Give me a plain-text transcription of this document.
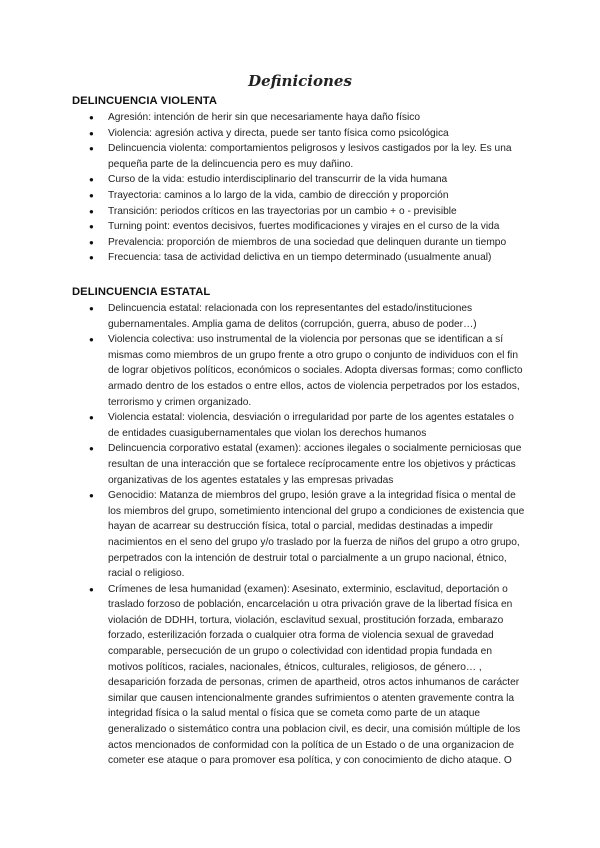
Definiciones
DELINCUENCIA VIOLENTA
● Agresión: intención de herir sin que necesariamente haya daño físico
● Violencia: agresión activa y directa, puede ser tanto física como psicológica
● Delincuencia violenta: comportamientos peligrosos y lesivos castigados por la ley. Es una pequeña parte de la delincuencia pero es muy dañino.
● Curso de la vida: estudio interdisciplinario del transcurrir de la vida humana
● Trayectoria: caminos a lo largo de la vida, cambio de dirección y proporción
● Transición: periodos críticos en las trayectorias por un cambio + o - previsible
● Turning point: eventos decisivos, fuertes modificaciones y virajes en el curso de la vida
● Prevalencia: proporción de miembros de una sociedad que delinquen durante un tiempo
● Frecuencia: tasa de actividad delictiva en un tiempo determinado (usualmente anual)
DELINCUENCIA ESTATAL
● Delincuencia estatal: relacionada con los representantes del estado/instituciones gubernamentales. Amplia gama de delitos (corrupción, guerra, abuso de poder…)
● Violencia colectiva: uso instrumental de la violencia por personas que se identifican a sí mismas como miembros de un grupo frente a otro grupo o conjunto de individuos con el fin de lograr objetivos políticos, económicos o sociales. Adopta diversas formas; como conflicto armado dentro de los estados o entre ellos, actos de violencia perpetrados por los estados, terrorismo y crimen organizado.
● Violencia estatal: violencia, desviación o irregularidad por parte de los agentes estatales o de entidades cuasigubernamentales que violan los derechos humanos
● Delincuencia corporativo estatal (examen): acciones ilegales o socialmente perniciosas que resultan de una interacción que se fortalece recíprocamente entre los objetivos y prácticas organizativas de los agentes estatales y las empresas privadas
● Genocidio: Matanza de miembros del grupo, lesión grave a la integridad física o mental de los miembros del grupo, sometimiento intencional del grupo a condiciones de existencia que hayan de acarrear su destrucción física, total o parcial, medidas destinadas a impedir nacimientos en el seno del grupo y/o traslado por la fuerza de niños del grupo a otro grupo, perpetrados con la intención de destruir total o parcialmente a un grupo nacional, étnico, racial o religioso.
● Crímenes de lesa humanidad (examen): Asesinato, exterminio, esclavitud, deportación o traslado forzoso de población, encarcelación u otra privación grave de la libertad física en violación de DDHH, tortura, violación, esclavitud sexual, prostitución forzada, embarazo forzado, esterilización forzada o cualquier otra forma de violencia sexual de gravedad comparable, persecución de un grupo o colectividad con identidad propia fundada en motivos políticos, raciales, nacionales, étnicos, culturales, religiosos, de género… , desaparición forzada de personas, crimen de apartheid, otros actos inhumanos de carácter similar que causen intencionalmente grandes sufrimientos o atenten gravemente contra la integridad física o la salud mental o física que se cometa como parte de un ataque generalizado o sistemático contra una poblacion civil, es decir, una comisión múltiple de los actos mencionados de conformidad con la política de un Estado o de una organizacion de cometer ese ataque o para promover esa política, y con conocimiento de dicho ataque. O
